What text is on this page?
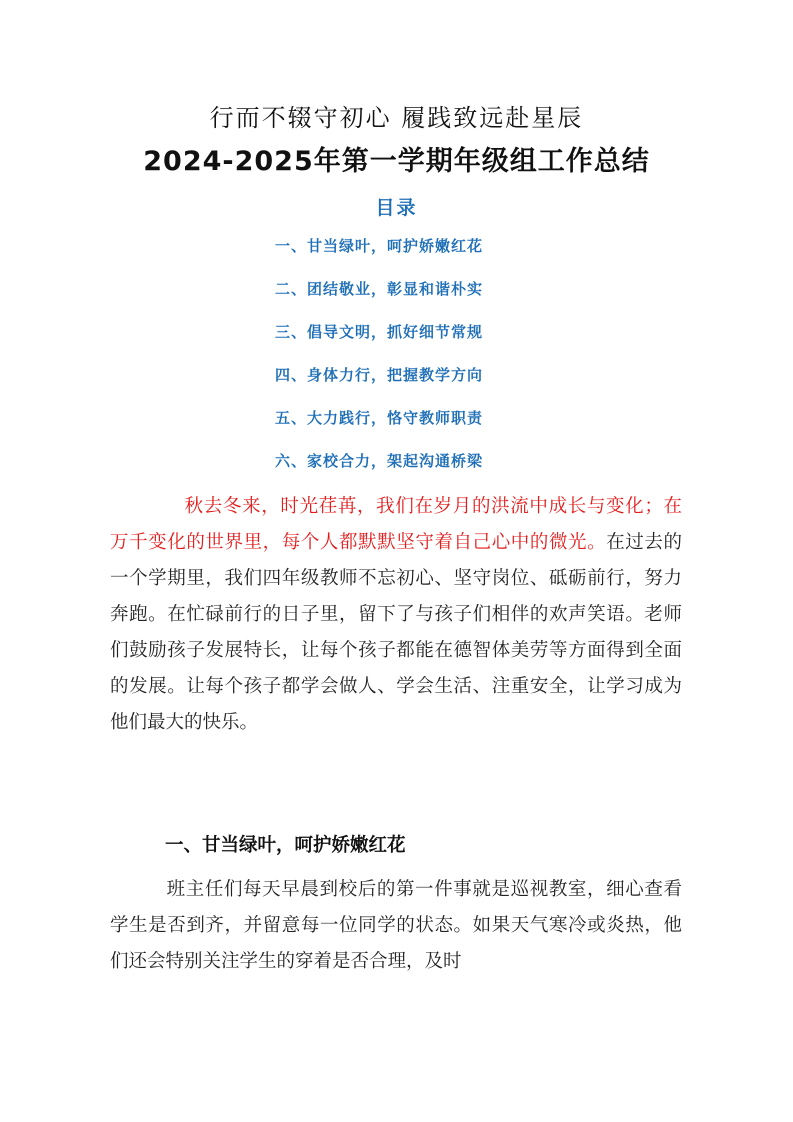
行而不辍守初心 履践致远赴星辰
2024-2025年第一学期年级组工作总结
目录
一、甘当绿叶，呵护娇嫩红花
二、团结敬业，彰显和谐朴实
三、倡导文明，抓好细节常规
四、身体力行，把握教学方向
五、大力践行，恪守教师职责
六、家校合力，架起沟通桥梁
秋去冬来，时光荏苒，我们在岁月的洪流中成长与变化；在万千变化的世界里，每个人都默默坚守着自己心中的微光。在过去的一个学期里，我们四年级教师不忘初心、坚守岗位、砥砺前行，努力奔跑。在忙碌前行的日子里，留下了与孩子们相伴的欢声笑语。老师们鼓励孩子发展特长，让每个孩子都能在德智体美劳等方面得到全面的发展。让每个孩子都学会做人、学会生活、注重安全，让学习成为他们最大的快乐。
一、甘当绿叶，呵护娇嫩红花
班主任们每天早晨到校后的第一件事就是巡视教室，细心查看学生是否到齐，并留意每一位同学的状态。如果天气寒冷或炎热，他们还会特别关注学生的穿着是否合理，及时
